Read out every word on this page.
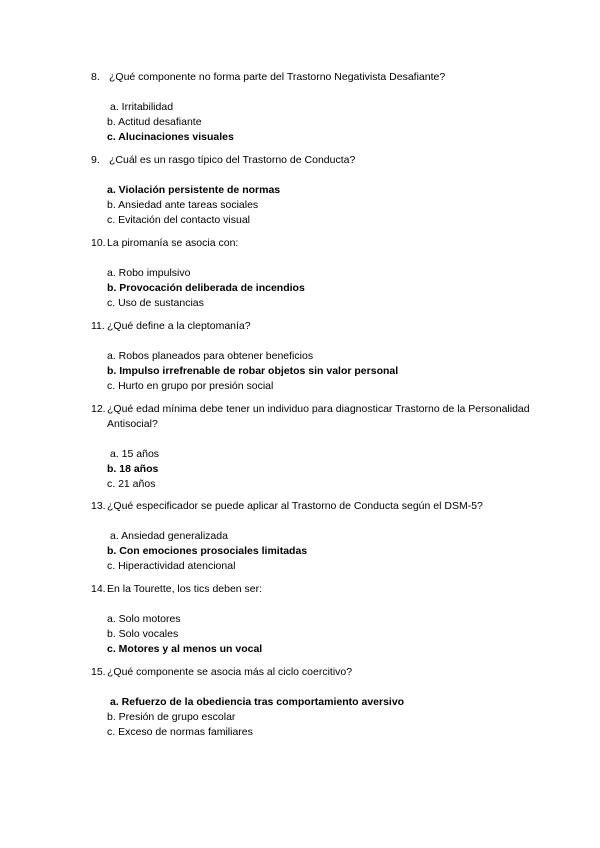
8. ¿Qué componente no forma parte del Trastorno Negativista Desafiante?
a. Irritabilidad
b. Actitud desafiante
c. Alucinaciones visuales
9. ¿Cuál es un rasgo típico del Trastorno de Conducta?
a. Violación persistente de normas
b. Ansiedad ante tareas sociales
c. Evitación del contacto visual
10. La piromanía se asocia con:
a. Robo impulsivo
b. Provocación deliberada de incendios
c. Uso de sustancias
11. ¿Qué define a la cleptomanía?
a. Robos planeados para obtener beneficios
b. Impulso irrefrenable de robar objetos sin valor personal
c. Hurto en grupo por presión social
12. ¿Qué edad mínima debe tener un individuo para diagnosticar Trastorno de la Personalidad Antisocial?
a. 15 años
b. 18 años
c. 21 años
13. ¿Qué especificador se puede aplicar al Trastorno de Conducta según el DSM-5?
a. Ansiedad generalizada
b. Con emociones prosociales limitadas
c. Hiperactividad atencional
14. En la Tourette, los tics deben ser:
a. Solo motores
b. Solo vocales
c. Motores y al menos un vocal
15. ¿Qué componente se asocia más al ciclo coercitivo?
a. Refuerzo de la obediencia tras comportamiento aversivo
b. Presión de grupo escolar
c. Exceso de normas familiares
